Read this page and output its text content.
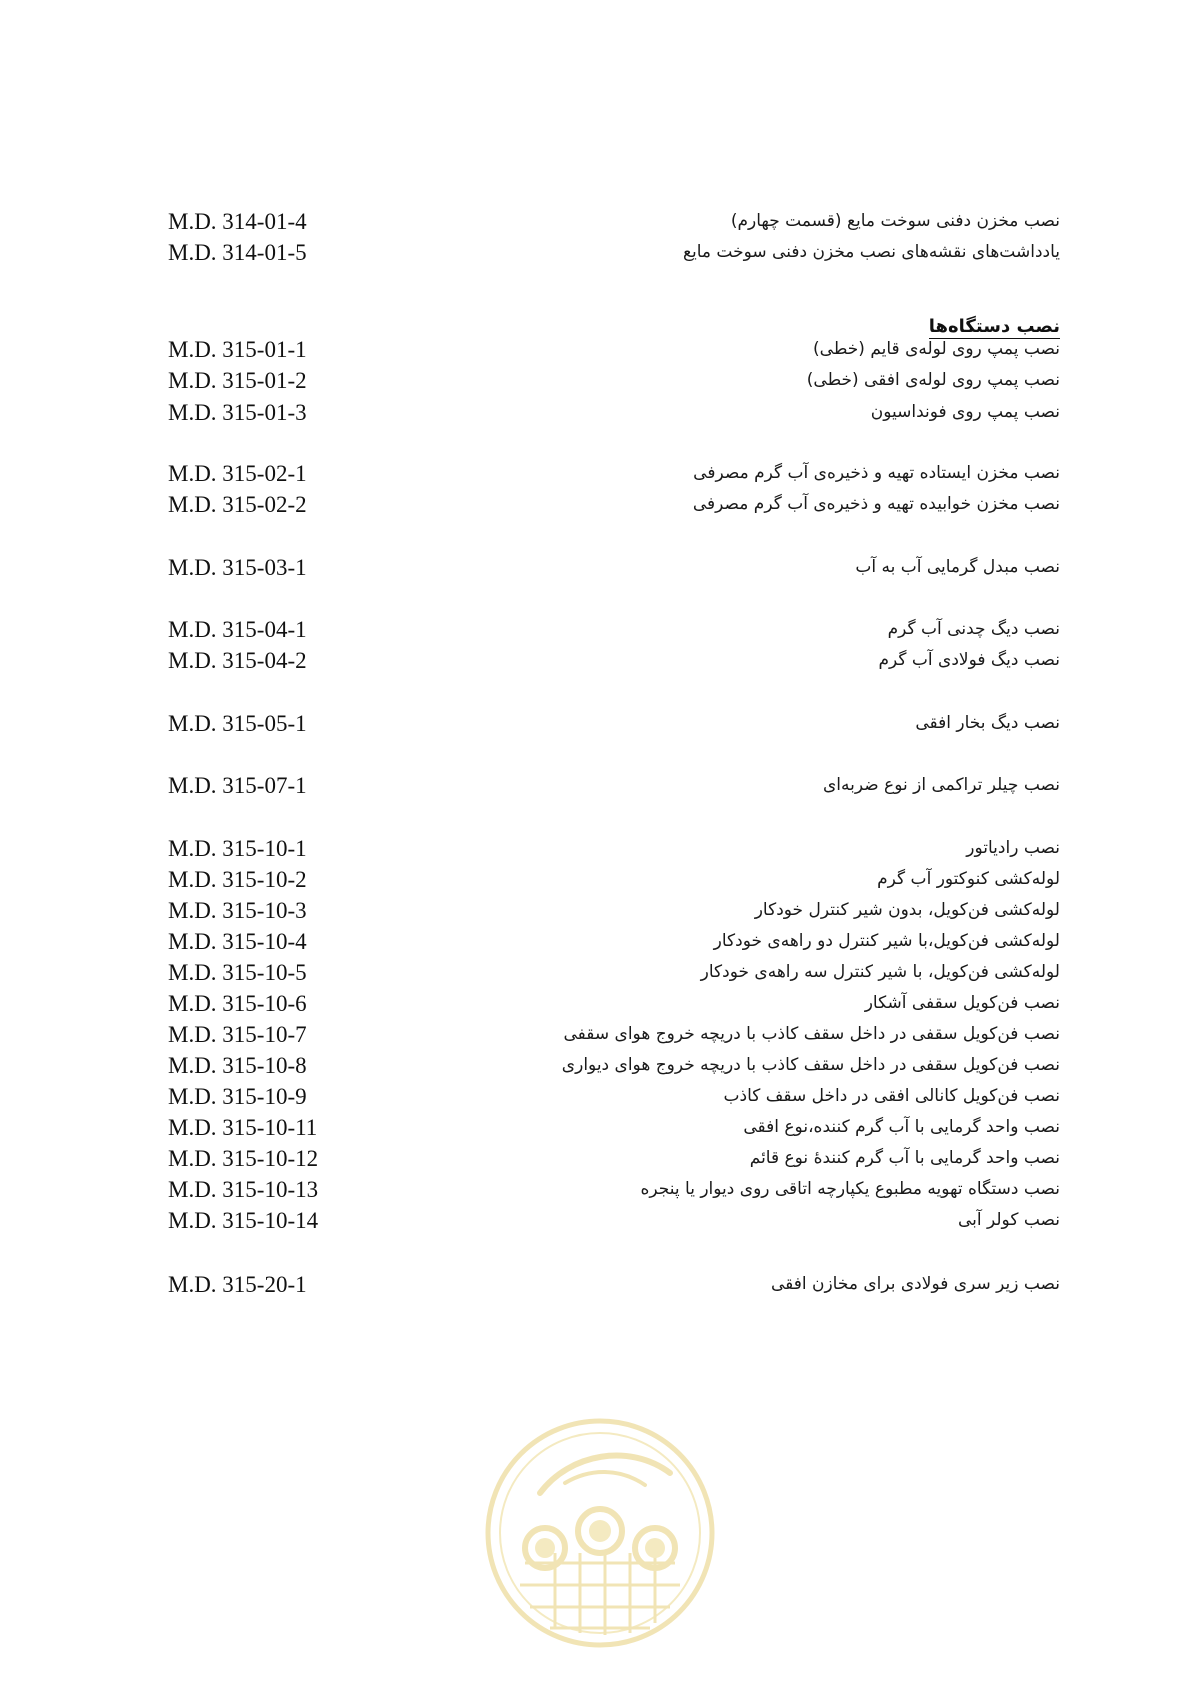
نصب دستگاه‌ها
نصب مخزن دفنی سوخت مایع (قسمت چهارم)
M.D. 314-01-4
یادداشت‌های نقشه‌های نصب مخزن دفنی سوخت مایع
M.D. 314-01-5
نصب پمپ روی لوله‌ی قایم (خطی)
M.D. 315-01-1
نصب پمپ روی لوله‌ی افقی (خطی)
M.D. 315-01-2
نصب پمپ روی فونداسیون
M.D. 315-01-3
نصب مخزن ایستاده تهیه و ذخیره‌ی آب گرم مصرفی
M.D. 315-02-1
نصب مخزن خوابیده تهیه و ذخیره‌ی آب گرم مصرفی
M.D. 315-02-2
نصب مبدل گرمایی آب به آب
M.D. 315-03-1
نصب دیگ چدنی آب گرم
M.D. 315-04-1
نصب دیگ فولادی آب گرم
M.D. 315-04-2
نصب دیگ بخار افقی
M.D. 315-05-1
نصب چیلر تراکمی از نوع ضربه‌ای
M.D. 315-07-1
نصب رادیاتور
M.D. 315-10-1
لوله‌کشی کنوکتور آب گرم
M.D. 315-10-2
لوله‌کشی فن‌کویل، بدون شیر کنترل خودکار
M.D. 315-10-3
لوله‌کشی فن‌کویل،با شیر کنترل دو راهه‌ی خودکار
M.D. 315-10-4
لوله‌کشی فن‌کویل، با شیر کنترل سه راهه‌ی خودکار
M.D. 315-10-5
نصب فن‌کویل سقفی آشکار
M.D. 315-10-6
نصب فن‌کویل سقفی در داخل سقف کاذب با دریچه خروج هوای سقفی
M.D. 315-10-7
نصب فن‌کویل سقفی در داخل سقف کاذب با دریچه خروج هوای دیواری
M.D. 315-10-8
نصب فن‌کویل کانالی افقی در داخل سقف کاذب
M.D. 315-10-9
نصب واحد گرمایی با آب گرم کننده،نوع افقی
M.D. 315-10-11
نصب واحد گرمایی با آب گرم کنندهٔ نوع قائم
M.D. 315-10-12
نصب دستگاه تهویه مطبوع یکپارچه اتاقی روی دیوار یا پنجره
M.D. 315-10-13
نصب کولر آبی
M.D. 315-10-14
نصب زیر سری فولادی برای مخازن افقی
M.D. 315-20-1
